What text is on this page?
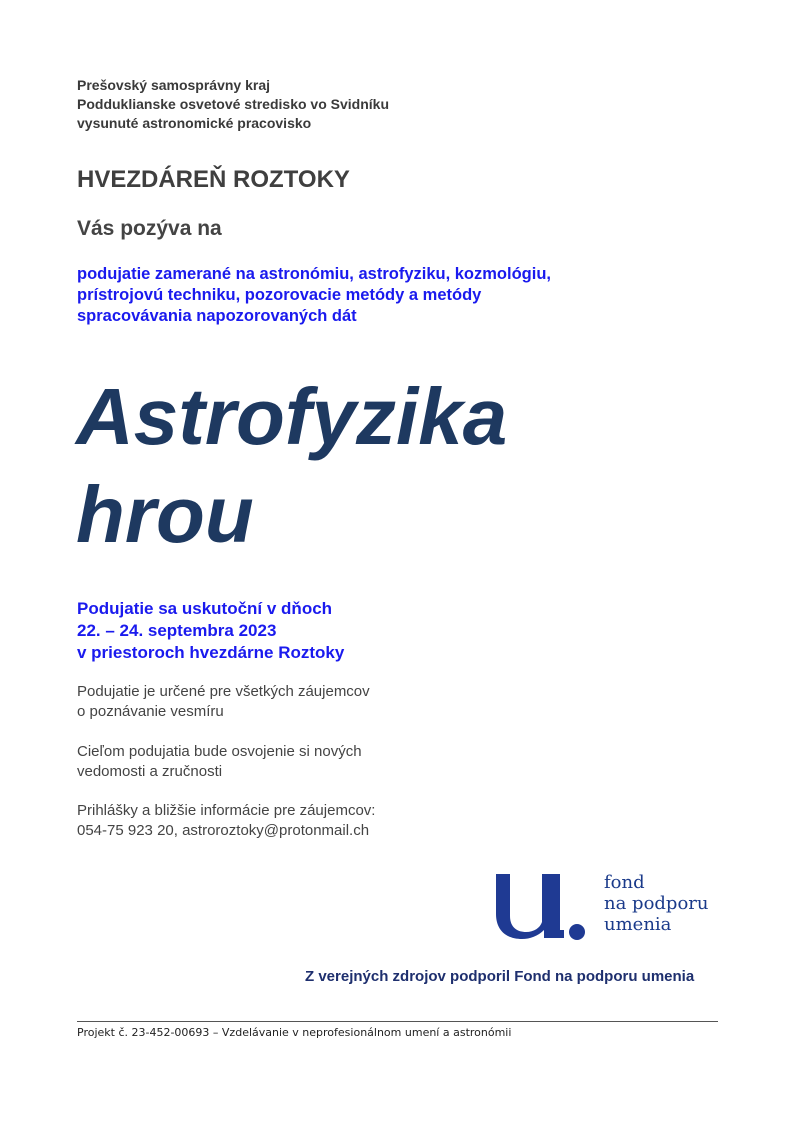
Prešovský samosprávny kraj
Podduklianske osvetové stredisko vo Svidníku
vysunuté astronomické pracovisko
HVEZDÁREŇ ROZTOKY
Vás pozýva na
podujatie zamerané na astronómiu, astrofyziku, kozmológiu,
prístrojovú techniku, pozorovacie metódy a metódy
spracovávania napozorovaných dát
Astrofyzika
hrou
Podujatie sa uskutoční v dňoch
22. – 24. septembra 2023
v priestoroch hvezdárne Roztoky
Podujatie je určené pre všetkých záujemcov
o poznávanie vesmíru
Cieľom podujatia bude osvojenie si nových
vedomosti a zručnosti
Prihlášky a bližšie informácie pre záujemcov:
054-75 923 20, astroroztoky@protonmail.ch
fond
na podporu
umenia
Z verejných zdrojov podporil Fond na podporu umenia
Projekt č. 23-452-00693 – Vzdelávanie v neprofesionálnom umení a astronómii
